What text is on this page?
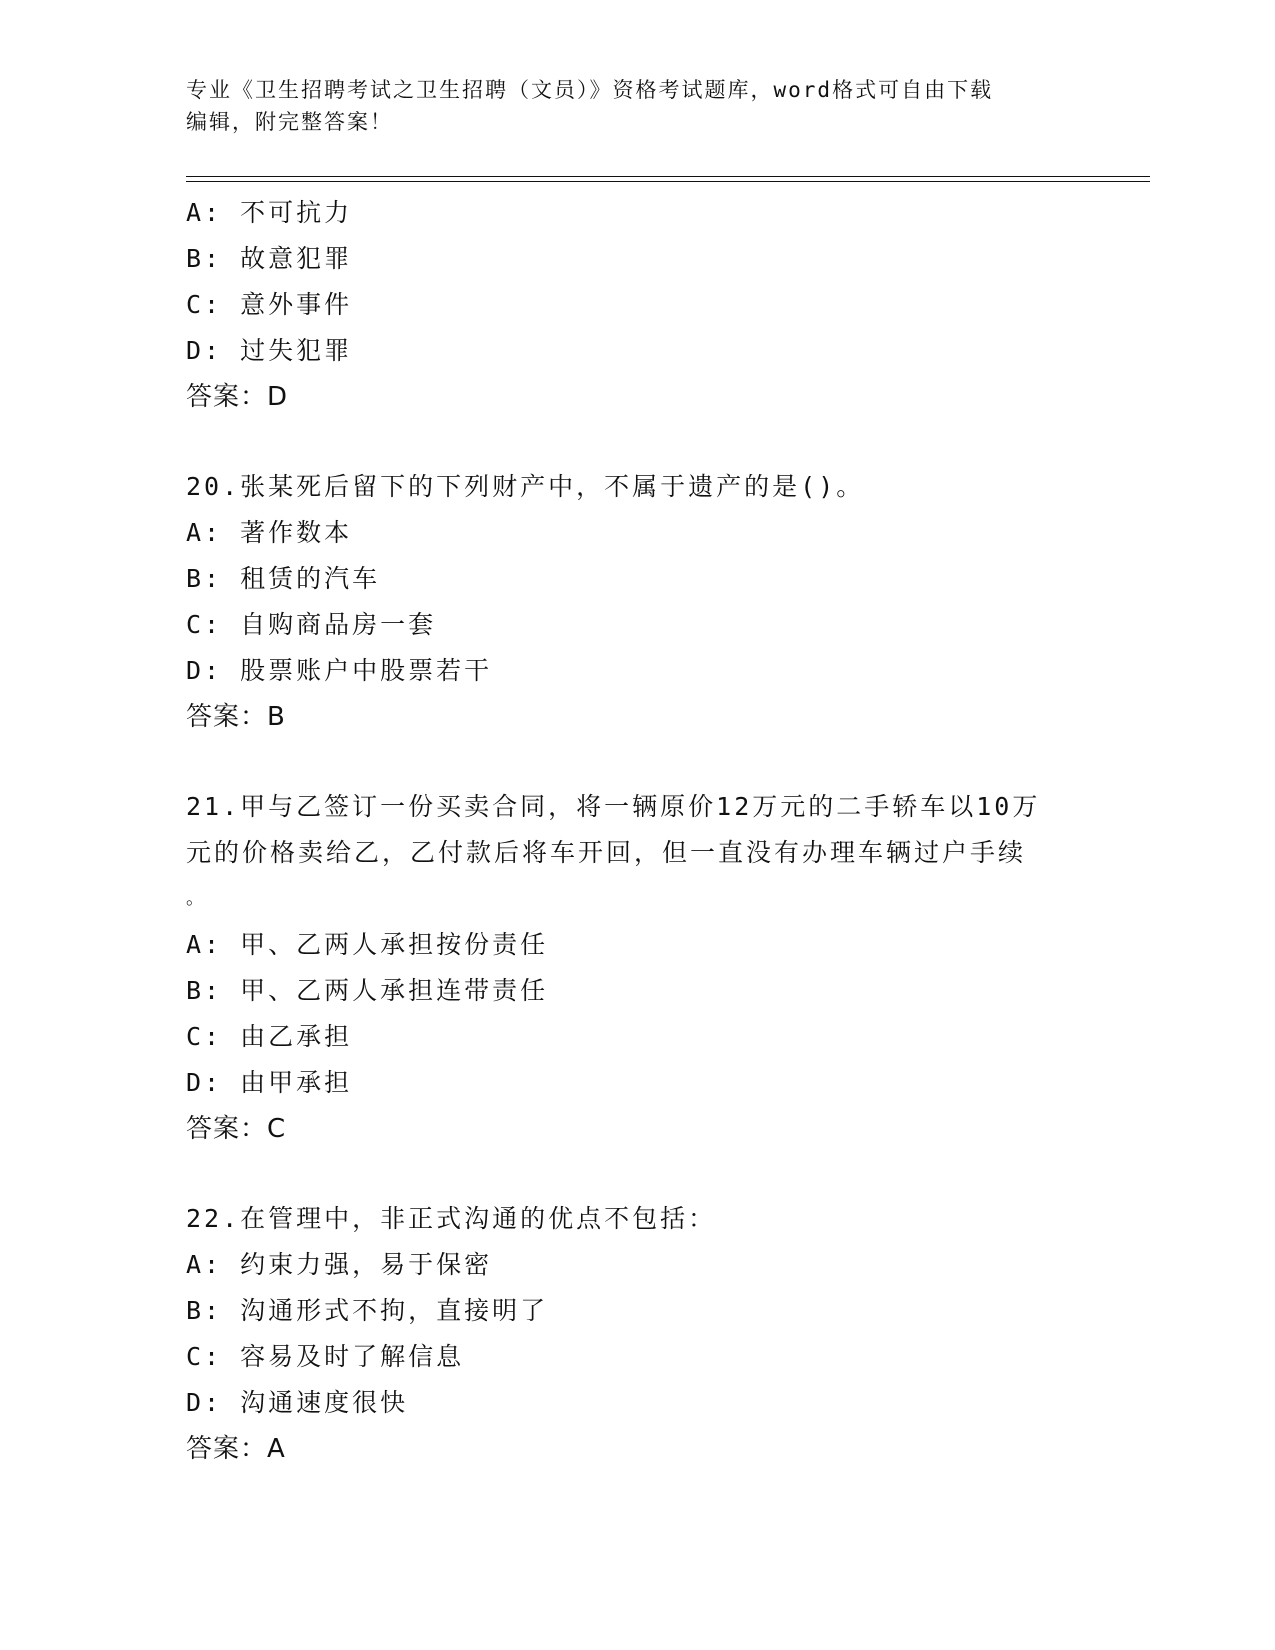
专业《卫生招聘考试之卫生招聘（文员）》资格考试题库，word格式可自由下载
编辑，附完整答案！
A: 不可抗力
B: 故意犯罪
C: 意外事件
D: 过失犯罪
答案：D
20.张某死后留下的下列财产中，不属于遗产的是()。
A: 著作数本
B: 租赁的汽车
C: 自购商品房一套
D: 股票账户中股票若干
答案：B
21.甲与乙签订一份买卖合同，将一辆原价12万元的二手轿车以10万
元的价格卖给乙，乙付款后将车开回，但一直没有办理车辆过户手续
。
A: 甲、乙两人承担按份责任
B: 甲、乙两人承担连带责任
C: 由乙承担
D: 由甲承担
答案：C
22.在管理中，非正式沟通的优点不包括：
A: 约束力强，易于保密
B: 沟通形式不拘，直接明了
C: 容易及时了解信息
D: 沟通速度很快
答案：A
